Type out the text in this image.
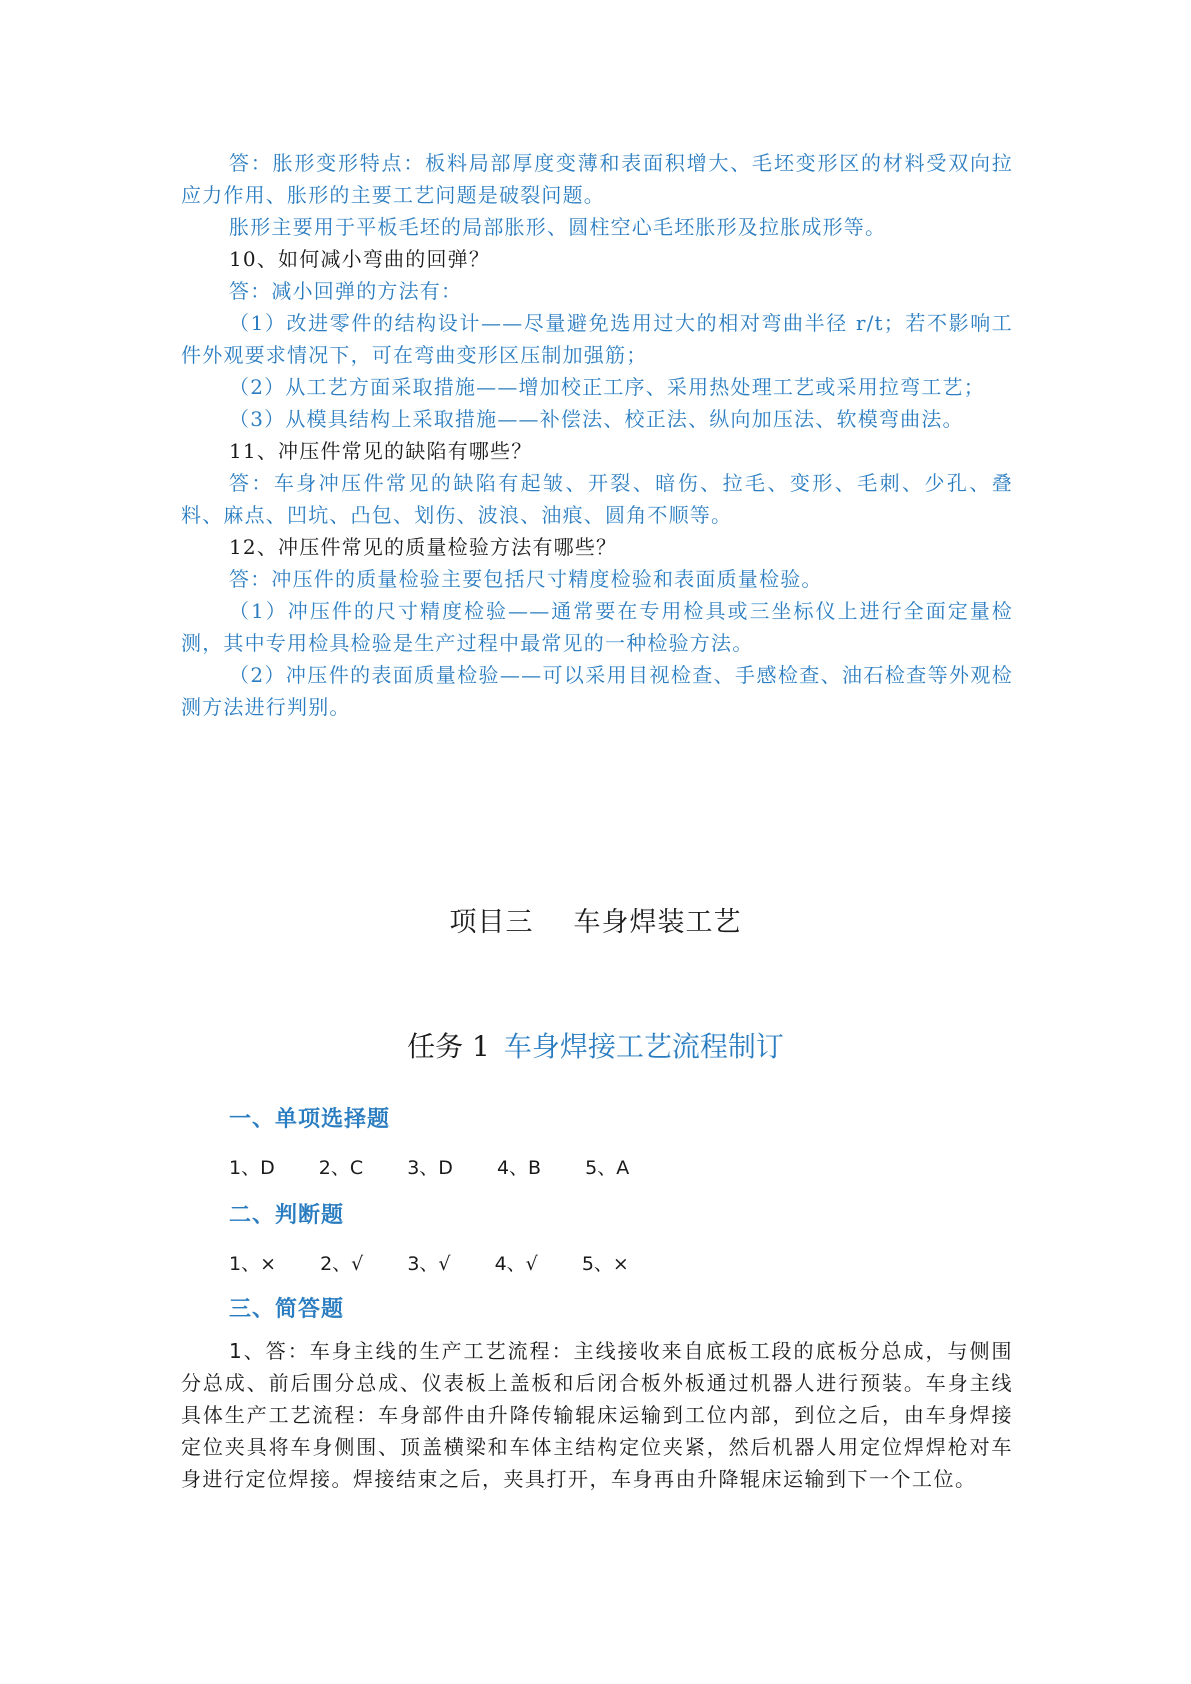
答：胀形变形特点：板料局部厚度变薄和表面积增大、毛坯变形区的材料受双向拉应力作用、胀形的主要工艺问题是破裂问题。

胀形主要用于平板毛坯的局部胀形、圆柱空心毛坯胀形及拉胀成形等。

10、如何减小弯曲的回弹？

答：减小回弹的方法有：

（1）改进零件的结构设计——尽量避免选用过大的相对弯曲半径 r/t；若不影响工件外观要求情况下，可在弯曲变形区压制加强筋；

（2）从工艺方面采取措施——增加校正工序、采用热处理工艺或采用拉弯工艺；

（3）从模具结构上采取措施——补偿法、校正法、纵向加压法、软模弯曲法。

11、冲压件常见的缺陷有哪些？

答：车身冲压件常见的缺陷有起皱、开裂、暗伤、拉毛、变形、毛刺、少孔、叠料、麻点、凹坑、凸包、划伤、波浪、油痕、圆角不顺等。

12、冲压件常见的质量检验方法有哪些？

答：冲压件的质量检验主要包括尺寸精度检验和表面质量检验。

（1）冲压件的尺寸精度检验——通常要在专用检具或三坐标仪上进行全面定量检测，其中专用检具检验是生产过程中最常见的一种检验方法。

（2）冲压件的表面质量检验——可以采用目视检查、手感检查、油石检查等外观检测方法进行判别。

项目三 车身焊装工艺
任务 1 车身焊接工艺流程制订
一、单项选择题
1、D 2、C 3、D 4、B 5、A
二、判断题
1、× 2、√ 3、√ 4、√ 5、×
三、简答题

1、答：车身主线的生产工艺流程：主线接收来自底板工段的底板分总成，与侧围分总成、前后围分总成、仪表板上盖板和后闭合板外板通过机器人进行预装。车身主线具体生产工艺流程：车身部件由升降传输辊床运输到工位内部，到位之后，由车身焊接定位夹具将车身侧围、顶盖横梁和车体主结构定位夹紧，然后机器人用定位焊焊枪对车身进行定位焊接。焊接结束之后，夹具打开，车身再由升降辊床运输到下一个工位。
